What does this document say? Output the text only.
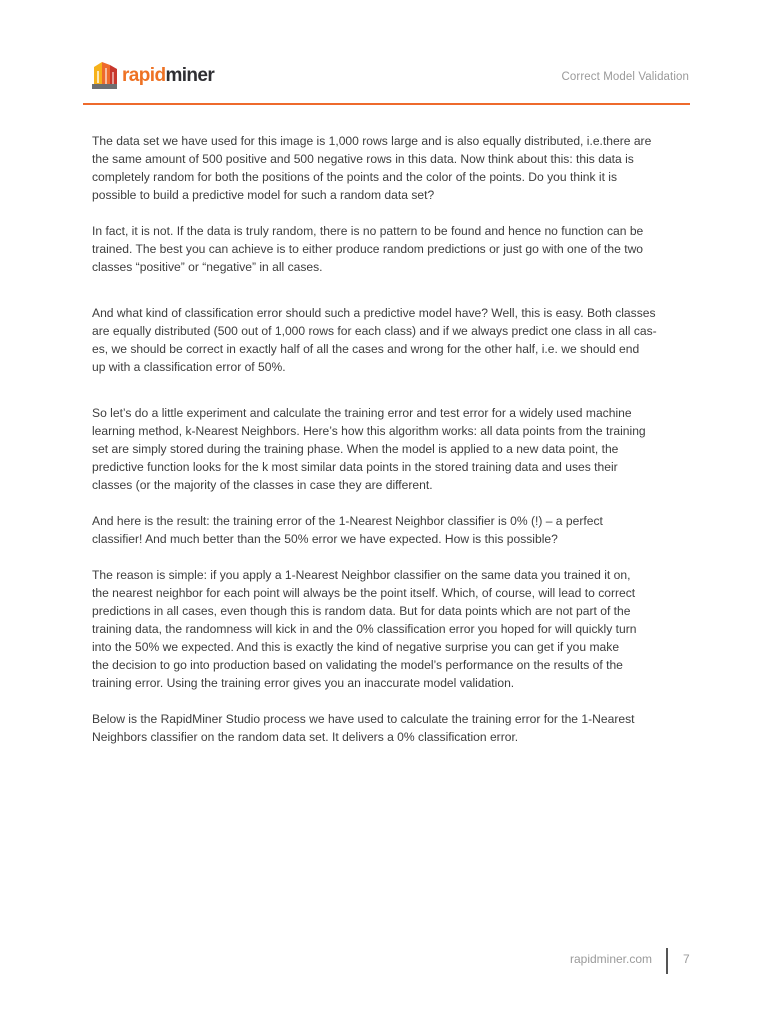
rapidminer	Correct Model Validation

The data set we have used for this image is 1,000 rows large and is also equally distributed, i.e.there are
the same amount of 500 positive and 500 negative rows in this data. Now think about this: this data is
completely random for both the positions of the points and the color of the points. Do you think it is
possible to build a predictive model for such a random data set?

In fact, it is not. If the data is truly random, there is no pattern to be found and hence no function can be
trained. The best you can achieve is to either produce random predictions or just go with one of the two
classes “positive” or “negative” in all cases.

And what kind of classification error should such a predictive model have? Well, this is easy. Both classes
are equally distributed (500 out of 1,000 rows for each class) and if we always predict one class in all cas-
es, we should be correct in exactly half of all the cases and wrong for the other half, i.e. we should end
up with a classification error of 50%.

So let’s do a little experiment and calculate the training error and test error for a widely used machine
learning method, k-Nearest Neighbors. Here’s how this algorithm works: all data points from the training
set are simply stored during the training phase. When the model is applied to a new data point, the
predictive function looks for the k most similar data points in the stored training data and uses their
classes (or the majority of the classes in case they are different.

And here is the result: the training error of the 1-Nearest Neighbor classifier is 0% (!) – a perfect
classifier! And much better than the 50% error we have expected. How is this possible?

The reason is simple: if you apply a 1-Nearest Neighbor classifier on the same data you trained it on,
the nearest neighbor for each point will always be the point itself. Which, of course, will lead to correct
predictions in all cases, even though this is random data. But for data points which are not part of the
training data, the randomness will kick in and the 0% classification error you hoped for will quickly turn
into the 50% we expected. And this is exactly the kind of negative surprise you can get if you make
the decision to go into production based on validating the model’s performance on the results of the
training error. Using the training error gives you an inaccurate model validation.

Below is the RapidMiner Studio process we have used to calculate the training error for the 1-Nearest
Neighbors classifier on the random data set. It delivers a 0% classification error.

rapidminer.com	7
